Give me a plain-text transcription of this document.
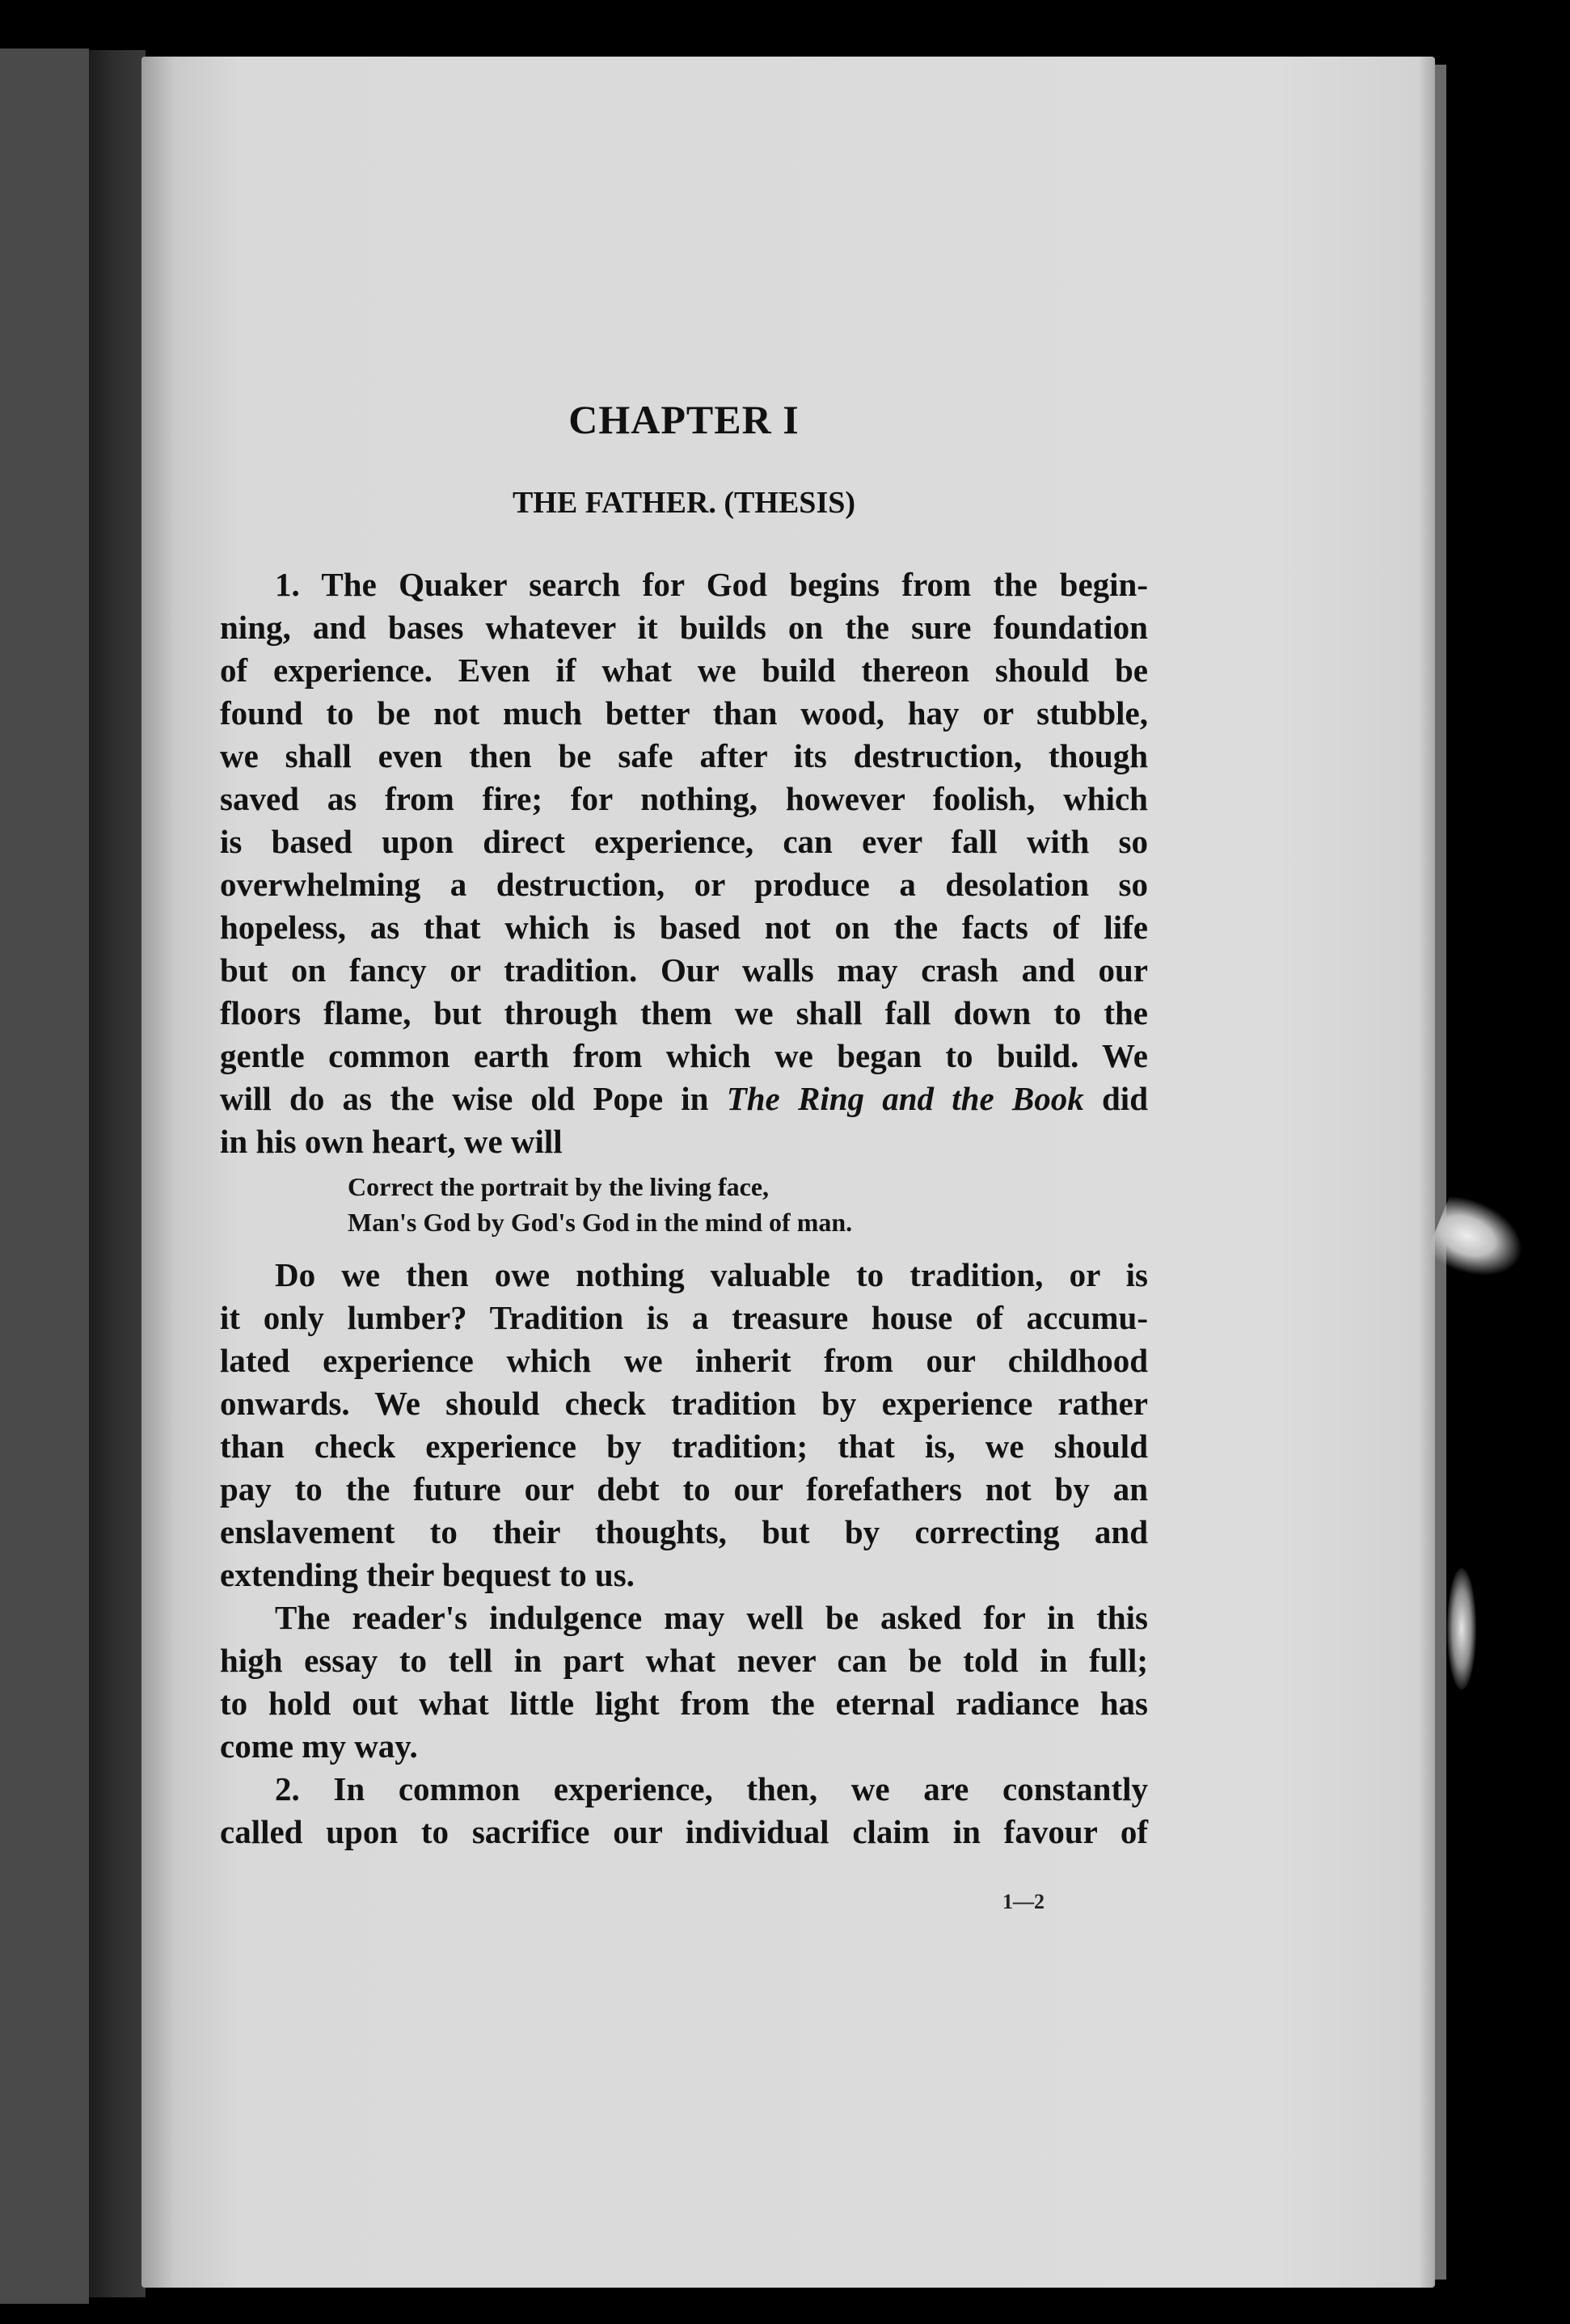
CHAPTER I
THE FATHER. (THESIS)
1. The Quaker search for God begins from the begin-
ning, and bases whatever it builds on the sure foundation
of experience. Even if what we build thereon should be
found to be not much better than wood, hay or stubble,
we shall even then be safe after its destruction, though
saved as from fire; for nothing, however foolish, which
is based upon direct experience, can ever fall with so
overwhelming a destruction, or produce a desolation so
hopeless, as that which is based not on the facts of life
but on fancy or tradition. Our walls may crash and our
floors flame, but through them we shall fall down to the
gentle common earth from which we began to build. We
will do as the wise old Pope in The Ring and the Book did
in his own heart, we will
Correct the portrait by the living face,
Man's God by God's God in the mind of man.
Do we then owe nothing valuable to tradition, or is
it only lumber? Tradition is a treasure house of accumu-
lated experience which we inherit from our childhood
onwards. We should check tradition by experience rather
than check experience by tradition; that is, we should
pay to the future our debt to our forefathers not by an
enslavement to their thoughts, but by correcting and
extending their bequest to us.
The reader's indulgence may well be asked for in this
high essay to tell in part what never can be told in full;
to hold out what little light from the eternal radiance has
come my way.
2. In common experience, then, we are constantly
called upon to sacrifice our individual claim in favour of
1—2
